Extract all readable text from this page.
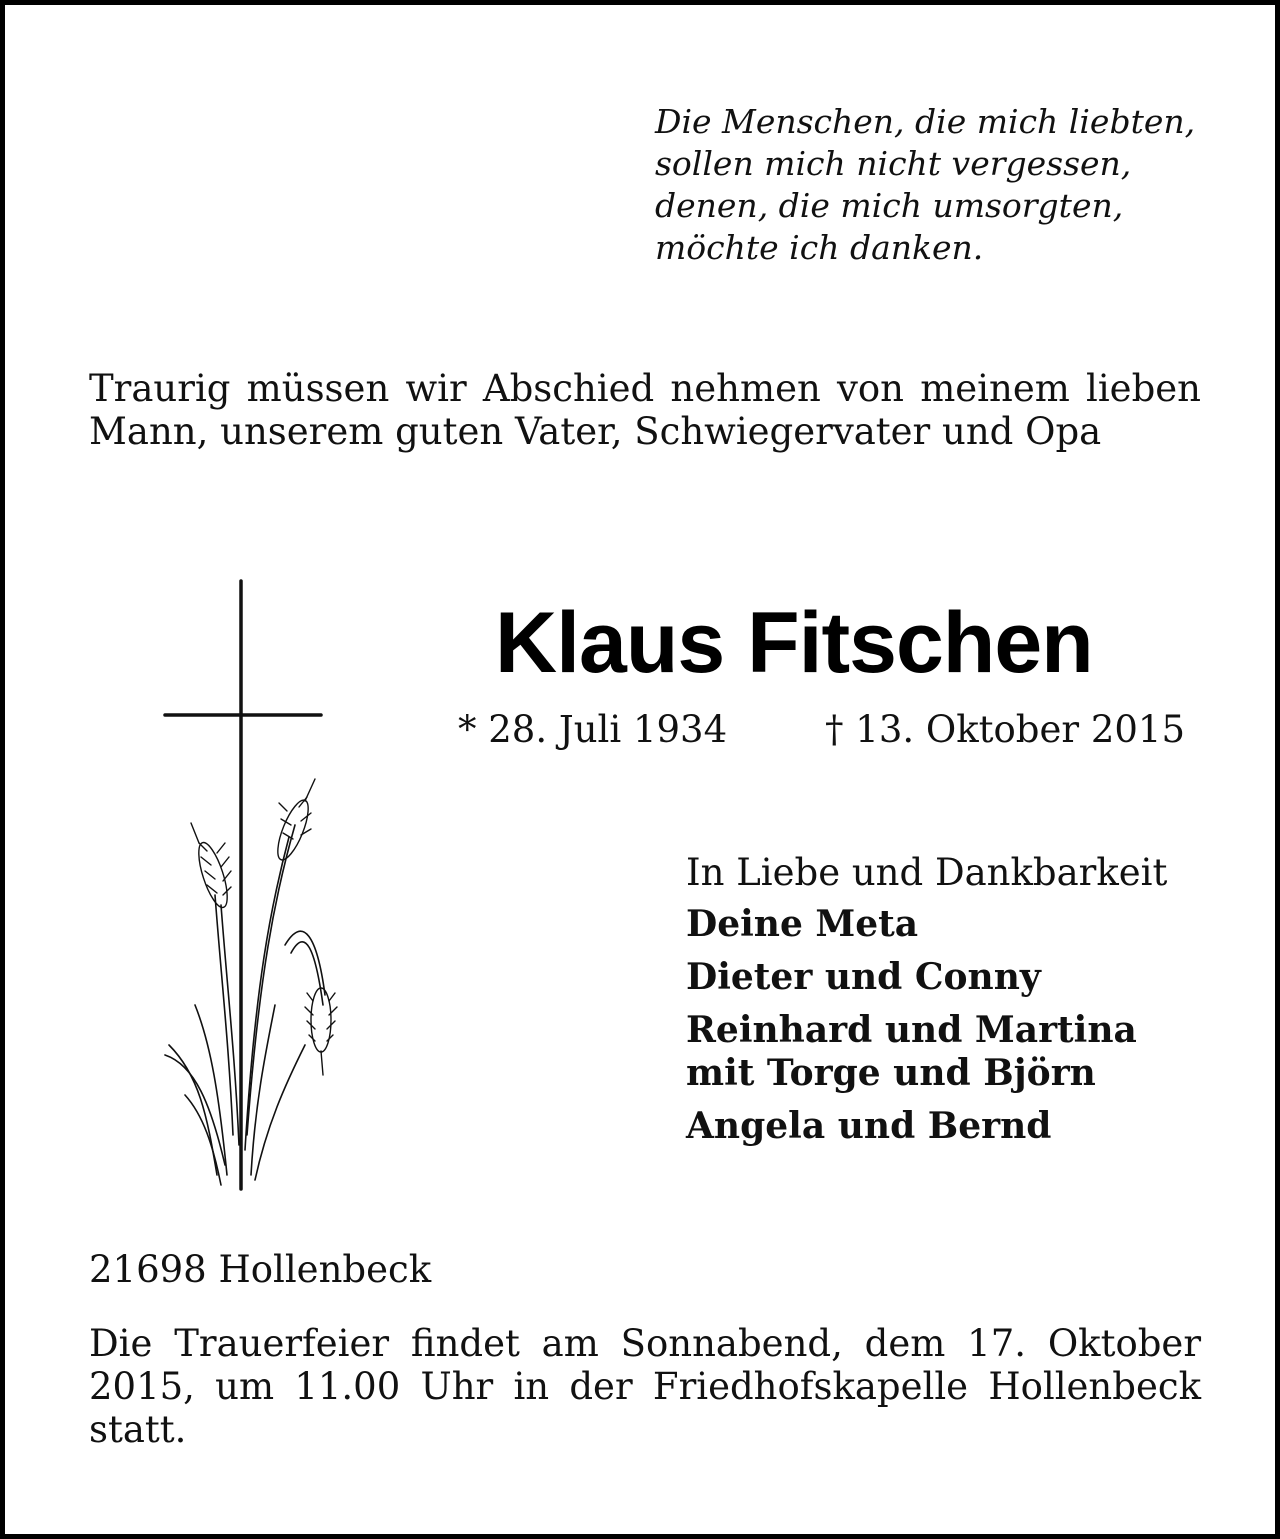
Die Menschen, die mich liebten,
sollen mich nicht vergessen,
denen, die mich umsorgten,
möchte ich danken.
Traurig müssen wir Abschied nehmen von meinem lieben Mann, unserem guten Vater, Schwiegervater und Opa
Klaus Fitschen
* 28. Juli 1934	† 13. Oktober 2015
In Liebe und Dankbarkeit
Deine Meta
Dieter und Conny
Reinhard und Martina
mit Torge und Björn
Angela und Bernd
21698 Hollenbeck
Die Trauerfeier findet am Sonnabend, dem 17. Oktober 2015, um 11.00 Uhr in der Friedhofskapelle Hollenbeck statt.
